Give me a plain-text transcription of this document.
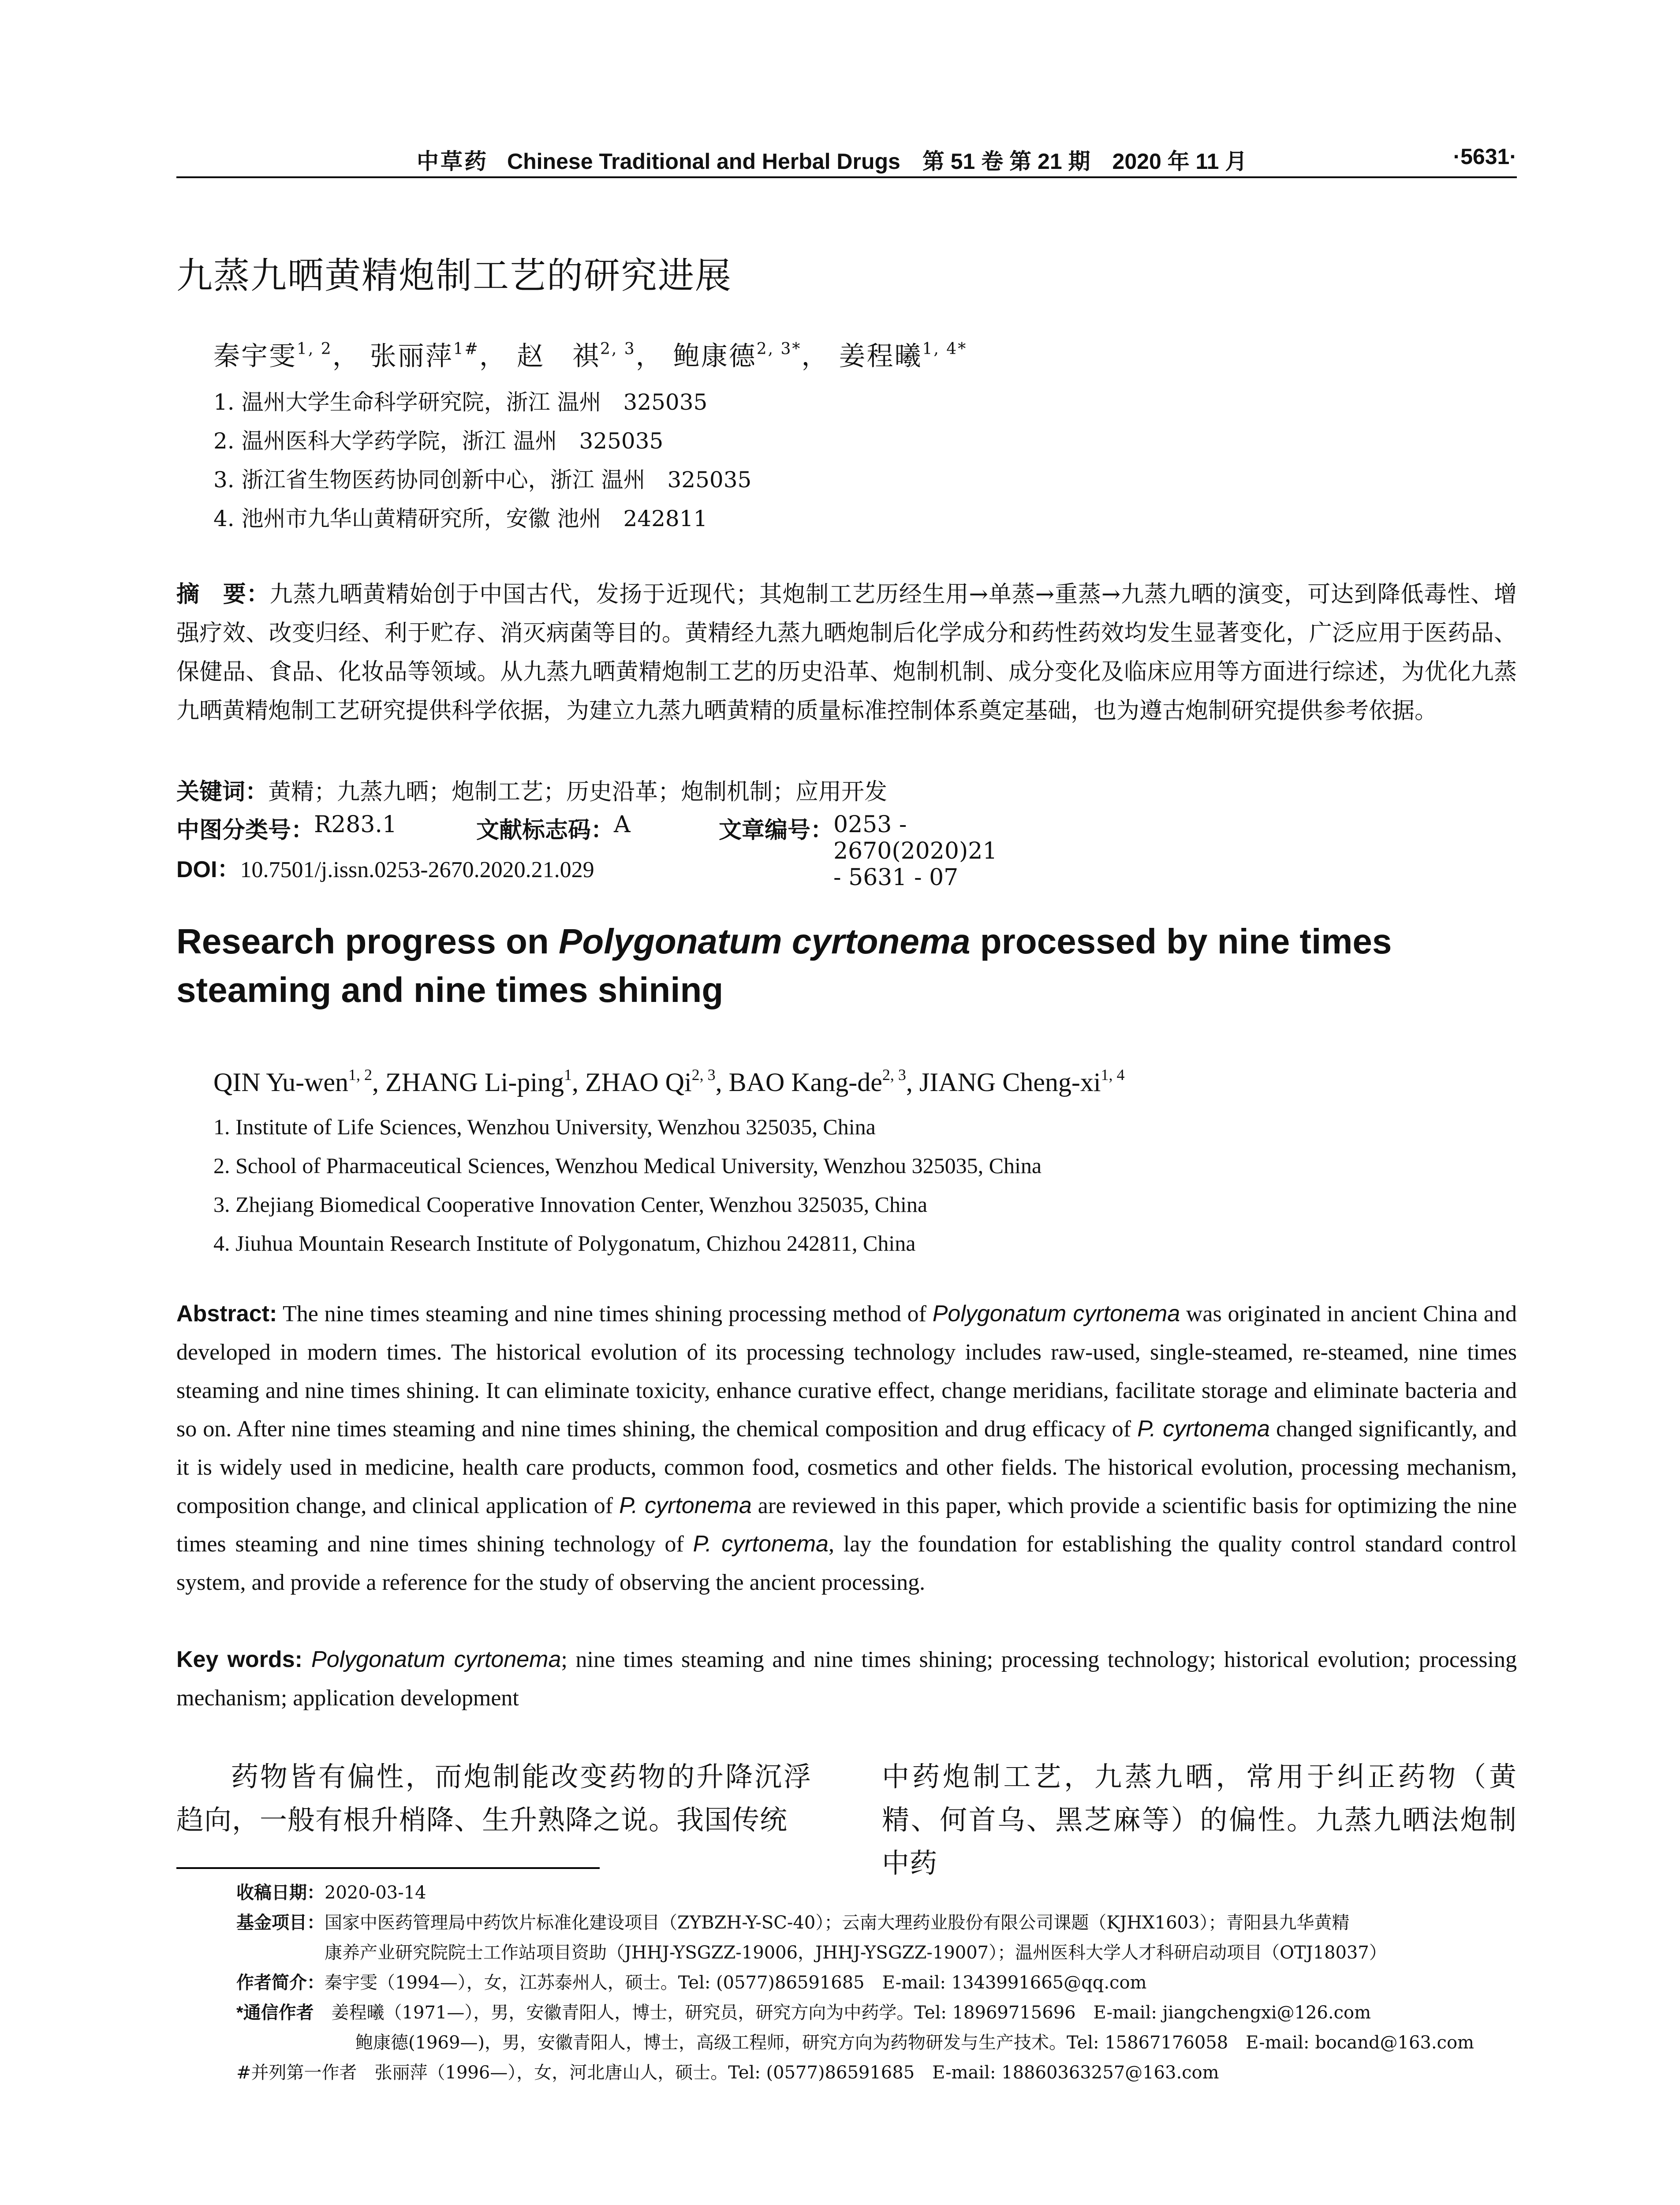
中草药 Chinese Traditional and Herbal Drugs　第 51 卷 第 21 期　2020 年 11 月	·5631·
九蒸九晒黄精炮制工艺的研究进展
秦宇雯$^{1, 2}$， 张丽萍$^{1\#}$， 赵　祺$^{2, 3}$， 鲍康德$^{2, 3*}$， 姜程曦$^{1, 4*}$
1. 温州大学生命科学研究院，浙江 温州　325035
2. 温州医科大学药学院，浙江 温州　325035
3. 浙江省生物医药协同创新中心，浙江 温州　325035
4. 池州市九华山黄精研究所，安徽 池州　242811
摘　要：九蒸九晒黄精始创于中国古代，发扬于近现代；其炮制工艺历经生用→单蒸→重蒸→九蒸九晒的演变，可达到降低毒性、增强疗效、改变归经、利于贮存、消灭病菌等目的。黄精经九蒸九晒炮制后化学成分和药性药效均发生显著变化，广泛应用于医药品、保健品、食品、化妆品等领域。从九蒸九晒黄精炮制工艺的历史沿革、炮制机制、成分变化及临床应用等方面进行综述，为优化九蒸九晒黄精炮制工艺研究提供科学依据，为建立九蒸九晒黄精的质量标准控制体系奠定基础，也为遵古炮制研究提供参考依据。
关键词：黄精；九蒸九晒；炮制工艺；历史沿革；炮制机制；应用开发
中图分类号： R283.1	文献标志码： A	文章编号： 0253 - 2670(2020)21 - 5631 - 07
DOI：10.7501/j.issn.0253-2670.2020.21.029
Research progress on Polygonatum cyrtonema processed by nine times steaming and nine times shining
QIN Yu-wen$^{1, 2}$, ZHANG Li-ping$^1$, ZHAO Qi$^{2, 3}$, BAO Kang-de$^{2, 3}$, JIANG Cheng-xi$^{1, 4}$
1. Institute of Life Sciences, Wenzhou University, Wenzhou 325035, China
2. School of Pharmaceutical Sciences, Wenzhou Medical University, Wenzhou 325035, China
3. Zhejiang Biomedical Cooperative Innovation Center, Wenzhou 325035, China
4. Jiuhua Mountain Research Institute of Polygonatum, Chizhou 242811, China
Abstract: The nine times steaming and nine times shining processing method of Polygonatum cyrtonema was originated in ancient China and developed in modern times. The historical evolution of its processing technology includes raw-used, single-steamed, re-steamed, nine times steaming and nine times shining. It can eliminate toxicity, enhance curative effect, change meridians, facilitate storage and eliminate bacteria and so on. After nine times steaming and nine times shining, the chemical composition and drug efficacy of P. cyrtonema changed significantly, and it is widely used in medicine, health care products, common food, cosmetics and other fields. The historical evolution, processing mechanism, composition change, and clinical application of P. cyrtonema are reviewed in this paper, which provide a scientific basis for optimizing the nine times steaming and nine times shining technology of P. cyrtonema, lay the foundation for establishing the quality control standard control system, and provide a reference for the study of observing the ancient processing.
Key words: Polygonatum cyrtonema; nine times steaming and nine times shining; processing technology; historical evolution; processing mechanism; application development
药物皆有偏性，而炮制能改变药物的升降沉浮趋向，一般有根升梢降、生升熟降之说。我国传统
中药炮制工艺，九蒸九晒，常用于纠正药物（黄精、何首乌、黑芝麻等）的偏性。九蒸九晒法炮制中药
收稿日期：2020-03-14
基金项目：国家中医药管理局中药饮片标准化建设项目（ZYBZH-Y-SC-40）；云南大理药业股份有限公司课题（KJHX1603）；青阳县九华黄精
康养产业研究院院士工作站项目资助（JHHJ-YSGZZ-19006，JHHJ-YSGZZ-19007）；温州医科大学人才科研启动项目（OTJ18037）
作者简介：秦宇雯（1994—），女，江苏泰州人，硕士。Tel: (0577)86591685　E-mail: 1343991665@qq.com
*通信作者　姜程曦（1971—），男，安徽青阳人，博士，研究员，研究方向为中药学。Tel: 18969715696　E-mail: jiangchengxi@126.com
鲍康德(1969—)，男，安徽青阳人，博士，高级工程师，研究方向为药物研发与生产技术。Tel: 15867176058　E-mail: bocand@163.com
#并列第一作者　张丽萍（1996—），女，河北唐山人，硕士。Tel: (0577)86591685　E-mail: 18860363257@163.com
